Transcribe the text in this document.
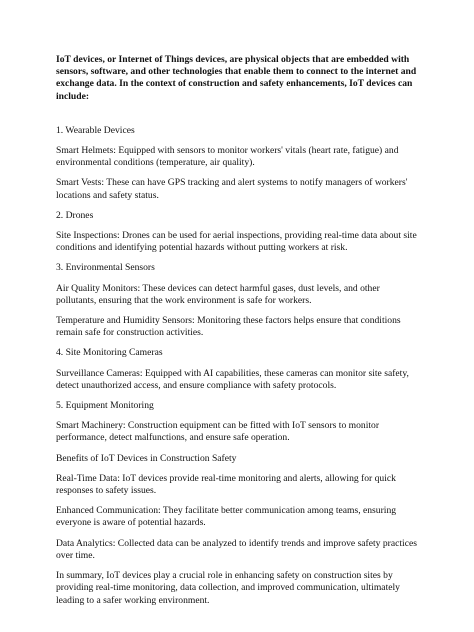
IoT devices, or Internet of Things devices, are physical objects that are embedded with sensors, software, and other technologies that enable them to connect to the internet and exchange data. In the context of construction and safety enhancements, IoT devices can include:

1. Wearable Devices

Smart Helmets: Equipped with sensors to monitor workers' vitals (heart rate, fatigue) and environmental conditions (temperature, air quality).

Smart Vests: These can have GPS tracking and alert systems to notify managers of workers' locations and safety status.

2. Drones

Site Inspections: Drones can be used for aerial inspections, providing real-time data about site conditions and identifying potential hazards without putting workers at risk.

3. Environmental Sensors

Air Quality Monitors: These devices can detect harmful gases, dust levels, and other pollutants, ensuring that the work environment is safe for workers.

Temperature and Humidity Sensors: Monitoring these factors helps ensure that conditions remain safe for construction activities.

4. Site Monitoring Cameras

Surveillance Cameras: Equipped with AI capabilities, these cameras can monitor site safety, detect unauthorized access, and ensure compliance with safety protocols.

5. Equipment Monitoring

Smart Machinery: Construction equipment can be fitted with IoT sensors to monitor performance, detect malfunctions, and ensure safe operation.

Benefits of IoT Devices in Construction Safety

Real-Time Data: IoT devices provide real-time monitoring and alerts, allowing for quick responses to safety issues.

Enhanced Communication: They facilitate better communication among teams, ensuring everyone is aware of potential hazards.

Data Analytics: Collected data can be analyzed to identify trends and improve safety practices over time.

In summary, IoT devices play a crucial role in enhancing safety on construction sites by providing real-time monitoring, data collection, and improved communication, ultimately leading to a safer working environment.
